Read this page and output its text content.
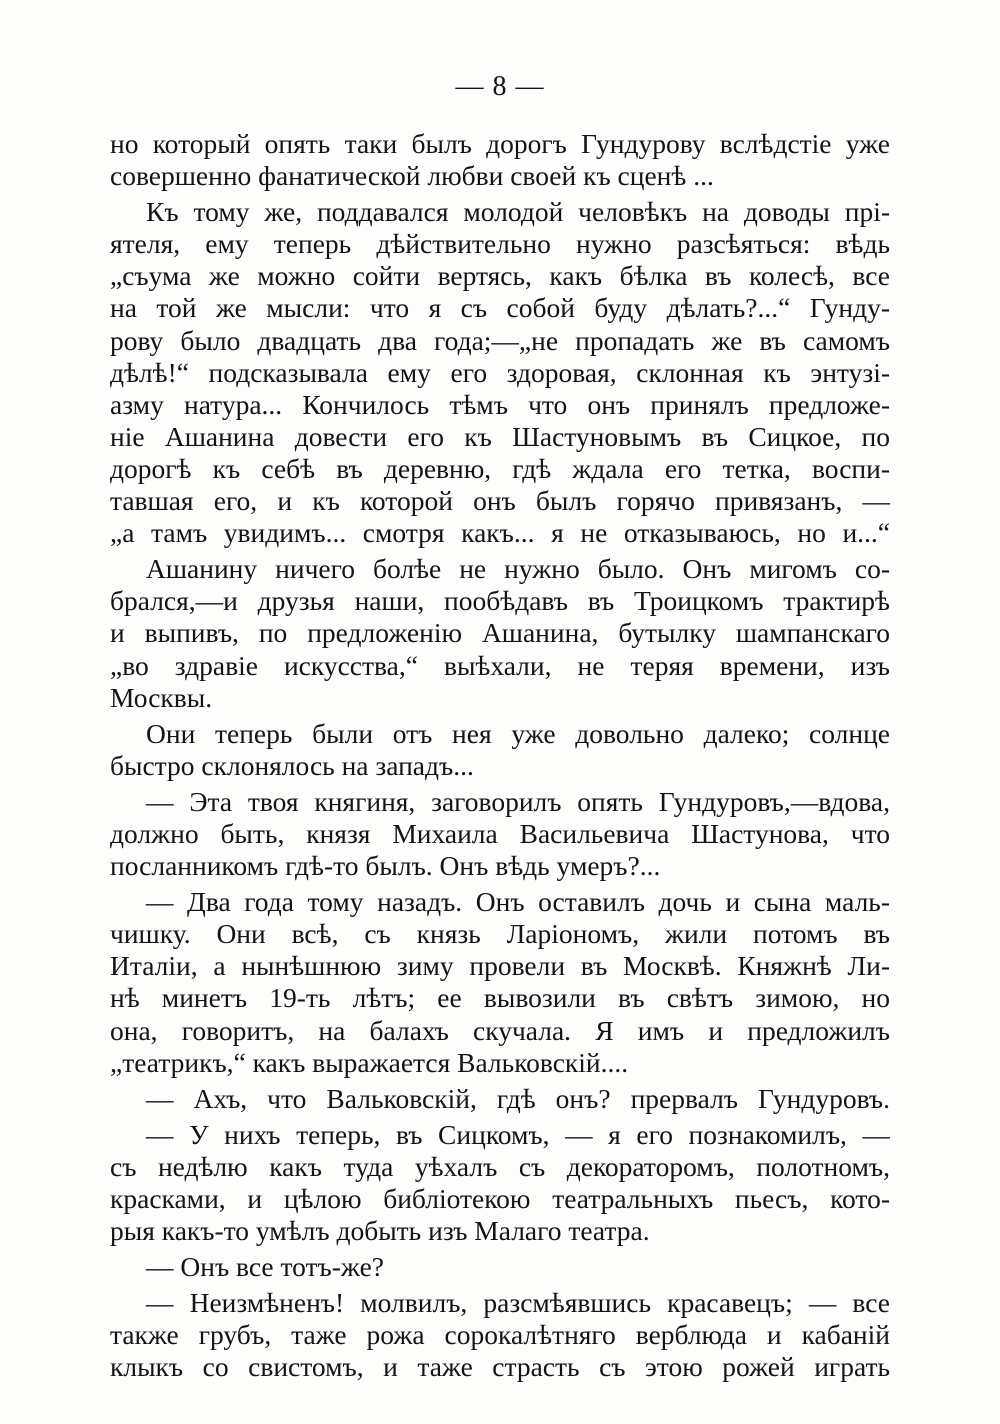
— 8 —
но который опять таки былъ дорогъ Гундурову вслѣдстіе уже
совершенно фанатической любви своей къ сценѣ ...
Къ тому же, поддавался молодой человѣкъ на доводы прі-
ятеля, ему теперь дѣйствительно нужно разсѣяться: вѣдь
„съума же можно сойти вертясь, какъ бѣлка въ колесѣ, все
на той же мысли: что я съ собой буду дѣлать?...“ Гунду-
рову было двадцать два года;—„не пропадать же въ самомъ
дѣлѣ!“ подсказывала ему его здоровая, склонная къ энтузі-
азму натура... Кончилось тѣмъ что онъ принялъ предложе-
ніе Ашанина довести его къ Шастуновымъ въ Сицкое, по
дорогѣ къ себѣ въ деревню, гдѣ ждала его тетка, воспи-
тавшая его, и къ которой онъ былъ горячо привязанъ, —
„а тамъ увидимъ... смотря какъ... я не отказываюсь, но и...“
Ашанину ничего болѣе не нужно было. Онъ мигомъ со-
брался,—и друзья наши, пообѣдавъ въ Троицкомъ трактирѣ
и выпивъ, по предложенію Ашанина, бутылку шампанскаго
„во здравіе искусства,“ выѣхали, не теряя времени, изъ
Москвы.
Они теперь были отъ нея уже довольно далеко; солнце
быстро склонялось на западъ...
— Эта твоя княгиня, заговорилъ опять Гундуровъ,—вдова,
должно быть, князя Михаила Васильевича Шастунова, что
посланникомъ гдѣ-то былъ. Онъ вѣдь умеръ?...
— Два года тому назадъ. Онъ оставилъ дочь и сына маль-
чишку. Они всѣ, съ князь Ларіономъ, жили потомъ въ
Италіи, а нынѣшнюю зиму провели въ Москвѣ. Княжнѣ Ли-
нѣ минетъ 19-ть лѣтъ; ее вывозили въ свѣтъ зимою, но
она, говоритъ, на балахъ скучала. Я имъ и предложилъ
„театрикъ,“ какъ выражается Вальковскій....
— Ахъ, что Вальковскій, гдѣ онъ? прервалъ Гундуровъ.
— У нихъ теперь, въ Сицкомъ, — я его познакомилъ, —
съ недѣлю какъ туда уѣхалъ съ декораторомъ, полотномъ,
красками, и цѣлою библіотекою театральныхъ пьесъ, кото-
рыя какъ-то умѣлъ добыть изъ Малаго театра.
— Онъ все тотъ-же?
— Неизмѣненъ! молвилъ, разсмѣявшись красавецъ; — все
также грубъ, таже рожа сорокалѣтняго верблюда и кабаній
клыкъ со свистомъ, и таже страсть съ этою рожей играть
